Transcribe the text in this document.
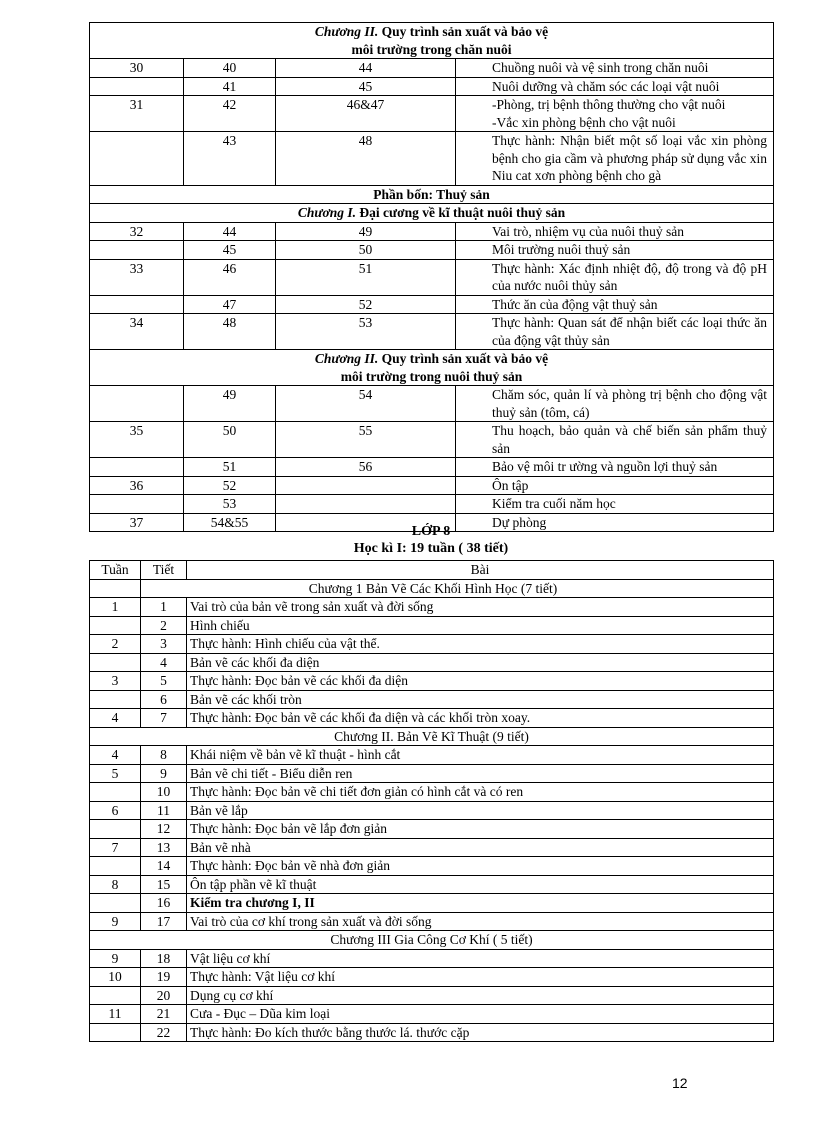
Chương II. Quy trình sản xuất và bảo vệ
môi trường trong chăn nuôi			

30	40	44	Chuồng nuôi và vệ sinh trong chăn nuôi
	41	45	Nuôi dưỡng và chăm sóc các loại vật nuôi
31	42	46&47	-Phòng, trị bệnh thông thường cho vật nuôi
-Vắc xin phòng bệnh cho vật nuôi
	43	48	Thực hành: Nhận biết một số loại vắc xin phòng bệnh cho gia cầm và phương pháp sử dụng vắc xin Niu cat xơn phòng bệnh cho gà
Phần bốn: Thuỷ sản			
Chương I. Đại cương về kĩ thuật nuôi thuỷ sản			
32	44	49	Vai trò, nhiệm vụ của nuôi thuỷ sản
	45	50	Môi trường nuôi thuỷ sản
33	46	51	Thực hành: Xác định nhiệt độ, độ trong và độ pH của nước nuôi thủy sản
	47	52	Thức ăn của động vật thuỷ sản
34	48	53	Thực hành: Quan sát để nhận biết các loại thức ăn của động vật thủy sản

Chương II. Quy trình sản xuất và bảo vệ
môi trường trong nuôi thuỷ sản			

	49	54	Chăm sóc, quản lí và phòng trị bệnh cho động vật thuỷ sản (tôm, cá)
35	50	55	Thu hoạch, bảo quản và chế biến sản phẩm thuỷ sản
	51	56	Bảo vệ môi tr ường và nguồn lợi thuỷ sản
36	52		Ôn tập
	53		Kiểm tra cuối năm học
37	54&55		Dự phòng
LỚP 8
Học kì I: 19 tuần ( 38 tiết)
Tuần	Tiết	Bài
	Chương 1 Bản Vẽ Các Khối Hình Học (7 tiết)	
1	1	Vai trò của bản vẽ trong sản xuất và đời sống
	2	Hình chiếu
2	3	Thực hành: Hình chiếu của vật thể.
	4	Bản vẽ các khối đa diện
3	5	Thực hành: Đọc bản vẽ các khối đa diện
	6	Bản vẽ các khối tròn
4	7	Thực hành: Đọc bản vẽ các khối đa diện và các khối tròn xoay.
Chương II. Bản Vẽ Kĩ Thuật (9 tiết)		
4	8	Khái niệm về bản vẽ kĩ thuật - hình cắt
5	9	Bản vẽ chi tiết - Biểu diễn ren
	10	Thực hành: Đọc bản vẽ chi tiết đơn giản có hình cắt và có ren
6	11	Bản vẽ lắp
	12	Thực hành: Đọc bản vẽ lắp đơn giản
7	13	Bản vẽ nhà
	14	Thực hành: Đọc bản vẽ nhà đơn giản
8	15	Ôn tập phần vẽ kĩ thuật
	16	Kiểm tra chương I, II
9	17	Vai trò của cơ khí trong sản xuất và đời sống
Chương III Gia Công Cơ Khí ( 5 tiết)		
9	18	Vật liệu cơ khí
10	19	Thực hành: Vật liệu cơ khí
	20	Dụng cụ cơ khí
11	21	Cưa - Đục – Dũa kim loại
	22	Thực hành: Đo kích thước bằng thước lá. thước cặp
12
